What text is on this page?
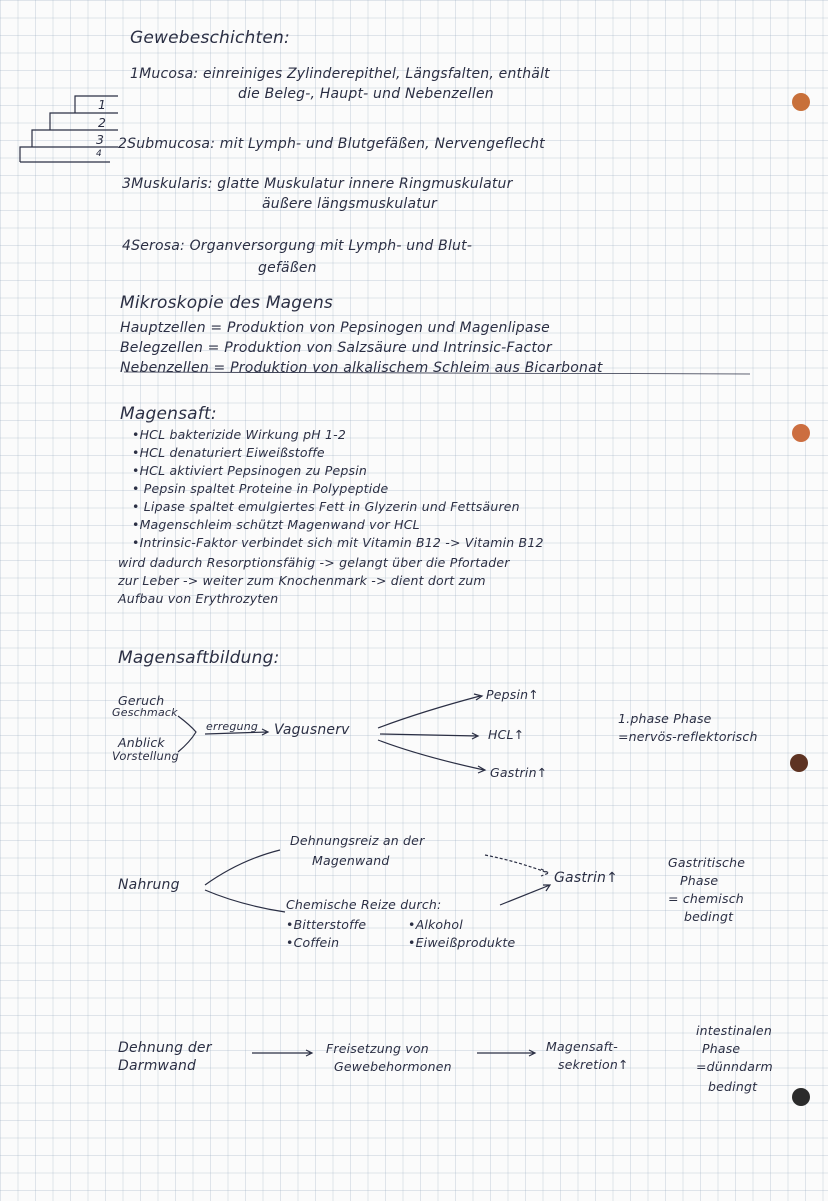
Gewebeschichten:
1Mucosa: einreiniges Zylinderepithel, Längsfalten, enthält
die Beleg-, Haupt- und Nebenzellen
1
2
3
4
2Submucosa: mit Lymph- und Blutgefäßen, Nervengeflecht
3Muskularis: glatte Muskulatur innere Ringmuskulatur
äußere längsmuskulatur
4Serosa: Organversorgung mit Lymph- und Blut-
gefäßen
Mikroskopie des Magens
Hauptzellen = Produktion von Pepsinogen und Magenlipase
Belegzellen = Produktion von Salzsäure und Intrinsic-Factor
Nebenzellen = Produktion von alkalischem Schleim aus Bicarbonat
Magensaft:
•HCL bakterizide Wirkung pH 1-2
•HCL denaturiert Eiweißstoffe
•HCL aktiviert Pepsinogen zu Pepsin
• Pepsin spaltet Proteine in Polypeptide
• Lipase spaltet emulgiertes Fett in Glyzerin und Fettsäuren
•Magenschleim schützt Magenwand vor HCL
•Intrinsic-Faktor verbindet sich mit Vitamin B12 -> Vitamin B12
wird dadurch Resorptionsfähig -> gelangt über die Pfortader
zur Leber -> weiter zum Knochenmark -> dient dort zum
Aufbau von Erythrozyten
Magensaftbildung:
Geruch
Geschmack
Anblick
Vorstellung
erregung Vagusnerv
Pepsin↑
HCL↑
Gastrin↑
1.phase Phase
=nervös-reflektorisch
Dehnungsreiz an der
Magenwand
Nahrung
Chemische Reize durch:
•Bitterstoffe
•Coffein
•Alkohol
•Eiweißprodukte
Gastrin↑
Gastritische
Phase
= chemisch
bedingt
Dehnung der
Darmwand
Freisetzung von
Gewebehormonen
Magensaft-
sekretion↑
intestinalen
Phase
=dünndarm
bedingt
